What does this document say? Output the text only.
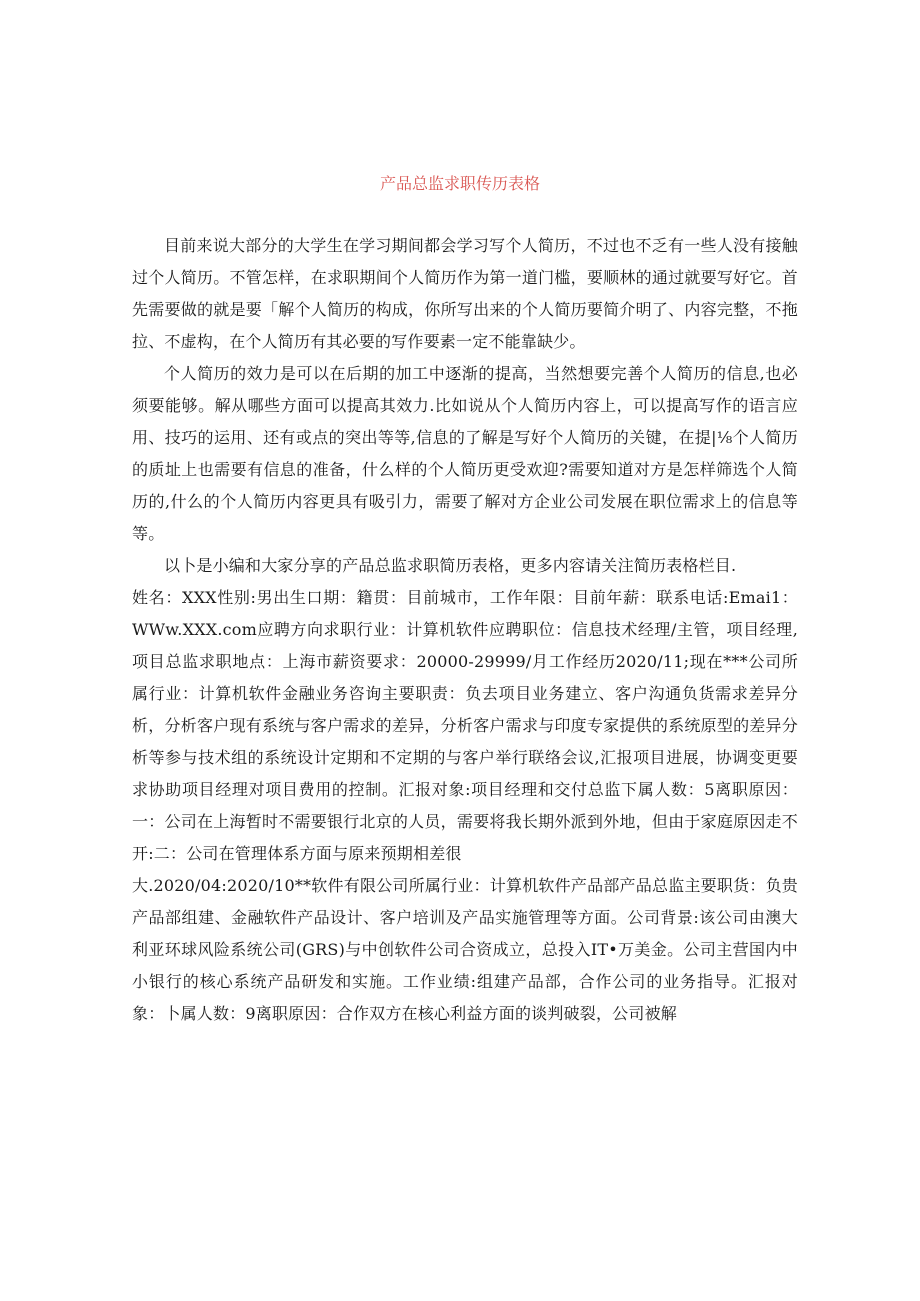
产品总监求职传历表格

目前来说大部分的大学生在学习期间都会学习写个人简历，不过也不乏有一些人没有接触过个人简历。不管怎样，在求职期间个人简历作为第一道门槛，要顺林的通过就要写好它。首先需要做的就是要「解个人简历的构成，你所写出来的个人简历要简介明了、内容完整，不拖拉、不虚构，在个人简历有其必要的写作要素一定不能靠缺少。

个人简历的效力是可以在后期的加工中逐渐的提高，当然想要完善个人简历的信息,也必须要能够。解从哪些方面可以提高其效力.比如说从个人简历内容上，可以提高写作的语言应用、技巧的运用、还有或点的突出等等,信息的了解是写好个人简历的关键，在提|⅛个人简历的质址上也需要有信息的准备，什么样的个人简历更受欢迎?需要知道对方是怎样筛选个人简历的,什么的个人简历内容更具有吸引力，需要了解对方企业公司发展在职位需求上的信息等等。

以卜是小编和大家分享的产品总监求职简历表格，更多内容请关注简历表格栏目.

姓名：XXX性别:男出生口期：籍贯：目前城市，工作年限：目前年薪：联系电话:Emai1：WWw.XXX.com应聘方向求职行业：计算机软件应聘职位：信息技术经理/主管，项目经理,项目总监求职地点：上海市薪资要求：20000-29999/月工作经历2020/11;现在***公司所属行业：计算机软件金融业务咨询主要职责：负去项目业务建立、客户沟通负货需求差异分析，分析客户现有系统与客户需求的差异，分析客户需求与印度专家提供的系统原型的差异分析等参与技术组的系统设计定期和不定期的与客户举行联络会议,汇报项目进展，协调变更要求协助项目经理对项目费用的控制。汇报对象:项目经理和交付总监下属人数：5离职原因：一：公司在上海暂时不需要银行北京的人员，需要将我长期外派到外地，但由于家庭原因走不开:二：公司在管理体系方面与原来预期相差很

大.2020/04:2020/10**软件有限公司所属行业：计算机软件产品部产品总监主要职货：负贵产品部组建、金融软件产品设计、客户培训及产品实施管理等方面。公司背景:该公司由澳大利亚环球风险系统公司(GRS)与中创软件公司合资成立，总投入IT•万美金。公司主营国内中小银行的核心系统产品研发和实施。工作业绩:组建产品部，合作公司的业务指导。汇报对象：卜属人数：9离职原因：合作双方在核心利益方面的谈判破裂，公司被解
